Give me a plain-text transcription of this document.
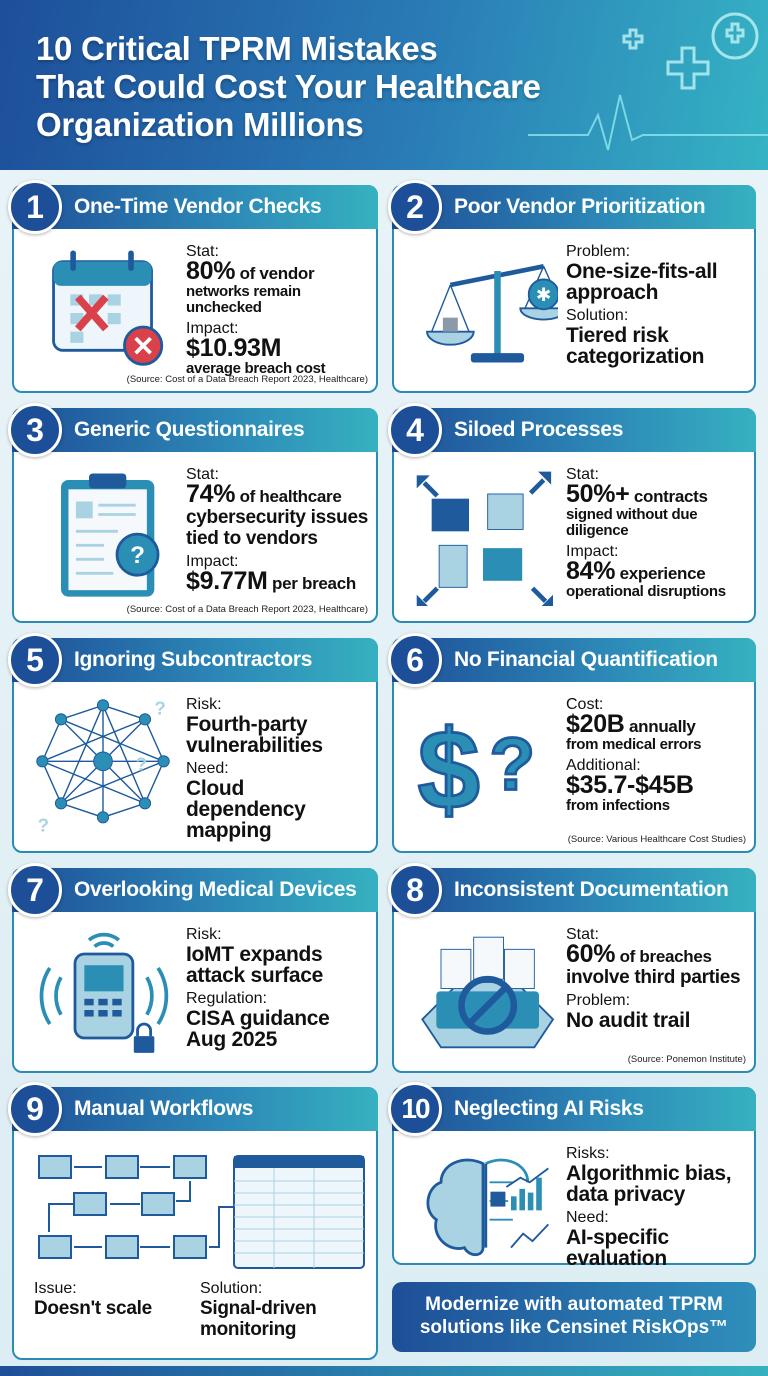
10 Critical TPRM Mistakes
That Could Cost Your Healthcare
Organization Millions
One-Time Vendor Checks
1
Stat:
80% of vendor
networks remain unchecked
Impact:
$10.93M
average breach cost
(Source: Cost of a Data Breach Report 2023, Healthcare)
Poor Vendor Prioritization
2
✱
Problem:
One-size-fits-all approach
Solution:
Tiered risk categorization
Generic Questionnaires
3
?
Stat:
74% of healthcare
cybersecurity issues tied to vendors
Impact:
$9.77M per breach
(Source: Cost of a Data Breach Report 2023, Healthcare)
Siloed Processes
4
Stat:
50%+ contracts
signed without due diligence
Impact:
84% experience
operational disruptions
Ignoring Subcontractors
5
?
?
?
Risk:
Fourth-party vulnerabilities
Need:
Cloud dependency mapping
No Financial Quantification
6
$ ?
Cost:
$20B annually
from medical errors
Additional:
$35.7-$45B
from infections
(Source: Various Healthcare Cost Studies)
Overlooking Medical Devices
7
Risk:
IoMT expands attack surface
Regulation:
CISA guidance Aug 2025
Inconsistent Documentation
8
Stat:
60% of breaches
involve third parties
Problem:
No audit trail
(Source: Ponemon Institute)
Manual Workflows
9
Issue:
Doesn't scale
Solution:
Signal-driven monitoring
Neglecting AI Risks
10
Risks:
Algorithmic bias, data privacy
Need:
AI-specific evaluation
Modernize with automated TPRM solutions like Censinet RiskOps™
